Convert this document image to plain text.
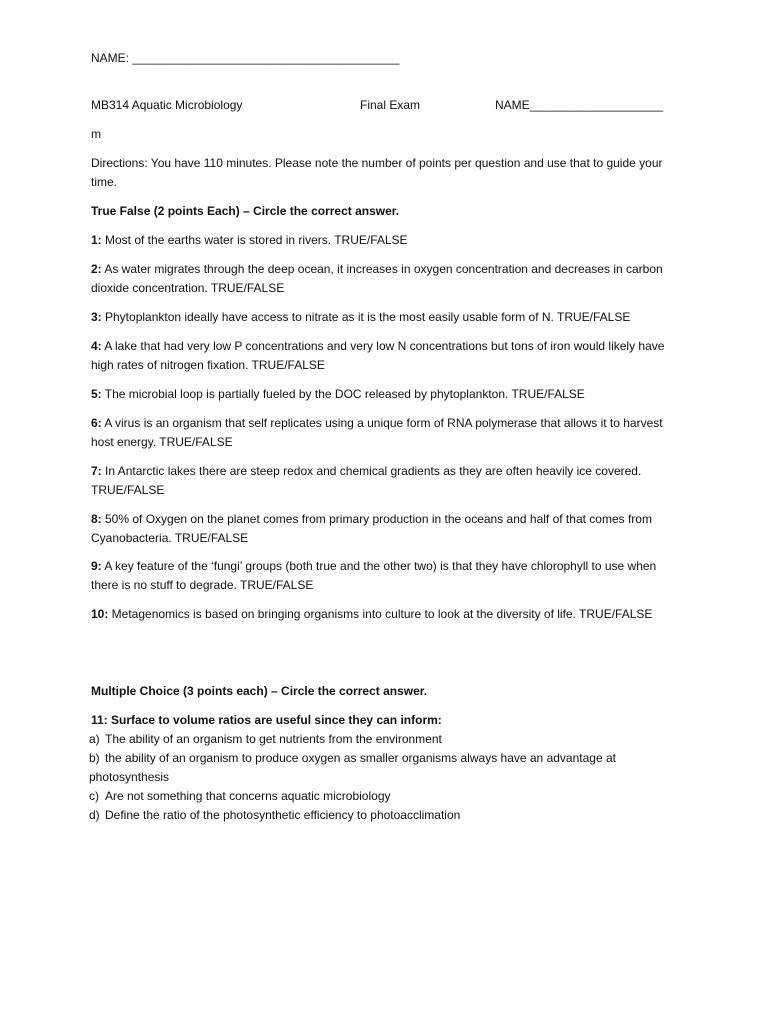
NAME: ________________________________________
MB314 Aquatic Microbiology	Final Exam	NAME____________________
m
Directions: You have 110 minutes. Please note the number of points per question and use that to guide your time.
True False (2 points Each) – Circle the correct answer.
1: Most of the earths water is stored in rivers. TRUE/FALSE
2: As water migrates through the deep ocean, it increases in oxygen concentration and decreases in carbon dioxide concentration. TRUE/FALSE
3: Phytoplankton ideally have access to nitrate as it is the most easily usable form of N. TRUE/FALSE
4: A lake that had very low P concentrations and very low N concentrations but tons of iron would likely have high rates of nitrogen fixation. TRUE/FALSE
5: The microbial loop is partially fueled by the DOC released by phytoplankton. TRUE/FALSE
6: A virus is an organism that self replicates using a unique form of RNA polymerase that allows it to harvest host energy. TRUE/FALSE
7: In Antarctic lakes there are steep redox and chemical gradients as they are often heavily ice covered. TRUE/FALSE
8: 50% of Oxygen on the planet comes from primary production in the oceans and half of that comes from Cyanobacteria. TRUE/FALSE
9: A key feature of the ‘fungi’ groups (both true and the other two) is that they have chlorophyll to use when there is no stuff to degrade. TRUE/FALSE
10: Metagenomics is based on bringing organisms into culture to look at the diversity of life. TRUE/FALSE
Multiple Choice (3 points each) – Circle the correct answer.
11: Surface to volume ratios are useful since they can inform:
a) The ability of an organism to get nutrients from the environment
b) the ability of an organism to produce oxygen as smaller organisms always have an advantage at photosynthesis
c) Are not something that concerns aquatic microbiology
d) Define the ratio of the photosynthetic efficiency to photoacclimation
